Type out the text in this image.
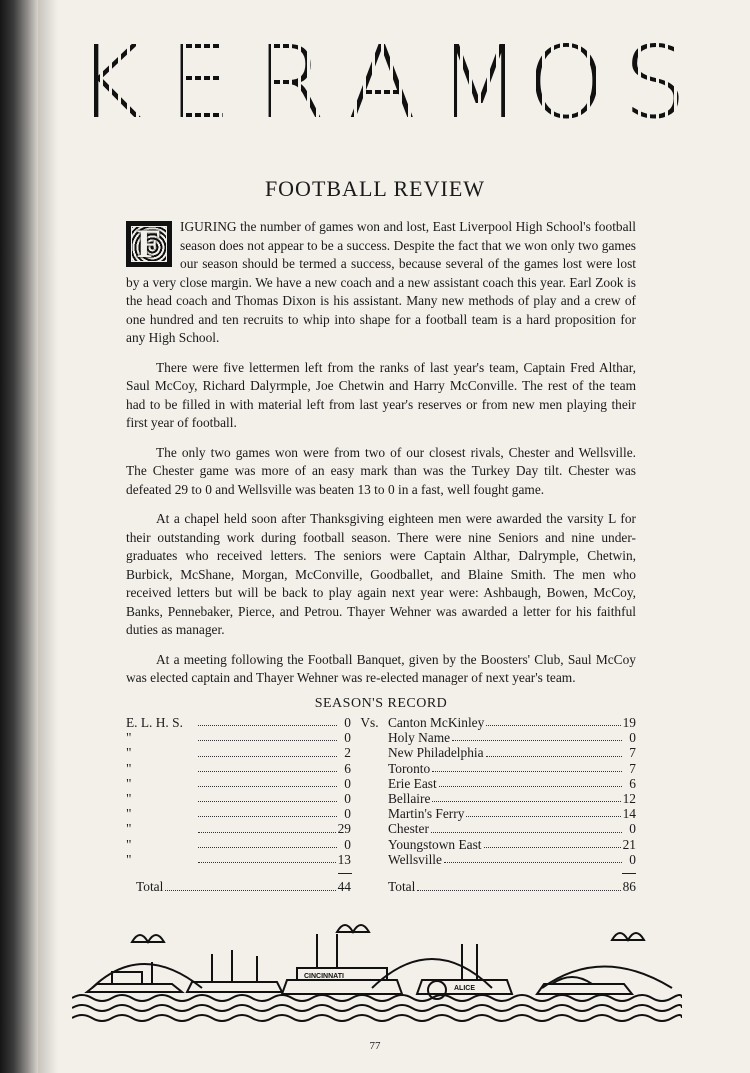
K E R A M O S
FOOTBALL REVIEW

F	IGURING the number of games won and lost, East Liverpool High School's football season does not appear to be a success. Despite the fact that we won only two games our season should be termed a success, because several of the games lost were lost by a very close margin. We have a new coach and a new assistant coach this year. Earl Zook is the head coach and Thomas Dixon is his assistant. Many new methods of play and a crew of one hundred and ten recruits to whip into shape for a football team is a hard proposition for any High School.

There were five lettermen left from the ranks of last year's team, Captain Fred Althar, Saul McCoy, Richard Dalyrmple, Joe Chetwin and Harry McConville. The rest of the team had to be filled in with material left from last year's reserves or from new men playing their first year of football.

The only two games won were from two of our closest rivals, Chester and Wellsville. The Chester game was more of an easy mark than was the Turkey Day tilt. Chester was defeated 29 to 0 and Wellsville was beaten 13 to 0 in a fast, well fought game.

At a chapel held soon after Thanksgiving eighteen men were awarded the varsity L for their outstanding work during football season. There were nine Seniors and nine under-graduates who received letters. The seniors were Captain Althar, Dalrymple, Chetwin, Burbick, McShane, Morgan, McConville, Goodballet, and Blaine Smith. The men who received letters but will be back to play again next year were: Ashbaugh, Bowen, McCoy, Banks, Pennebaker, Pierce, and Petrou. Thayer Wehner was awarded a letter for his faithful duties as manager.

At a meeting following the Football Banquet, given by the Boosters' Club, Saul McCoy was elected captain and Thayer Wehner was re-elected manager of next year's team.

SEASON'S RECORD
E. L. H. S.	0 Vs. Canton McKinley	19
"	0	Holy Name	0
"	2	New Philadelphia	7
"	6	Toronto	7
"	0	Erie East	6
"	0	Bellaire	12
"	0	Martin's Ferry	14
"	29	Chester	0
"	0	Youngstown East	21
"	13	Wellsville	0
Total	44	Total	86
CINCINNATI
ALICE
77
